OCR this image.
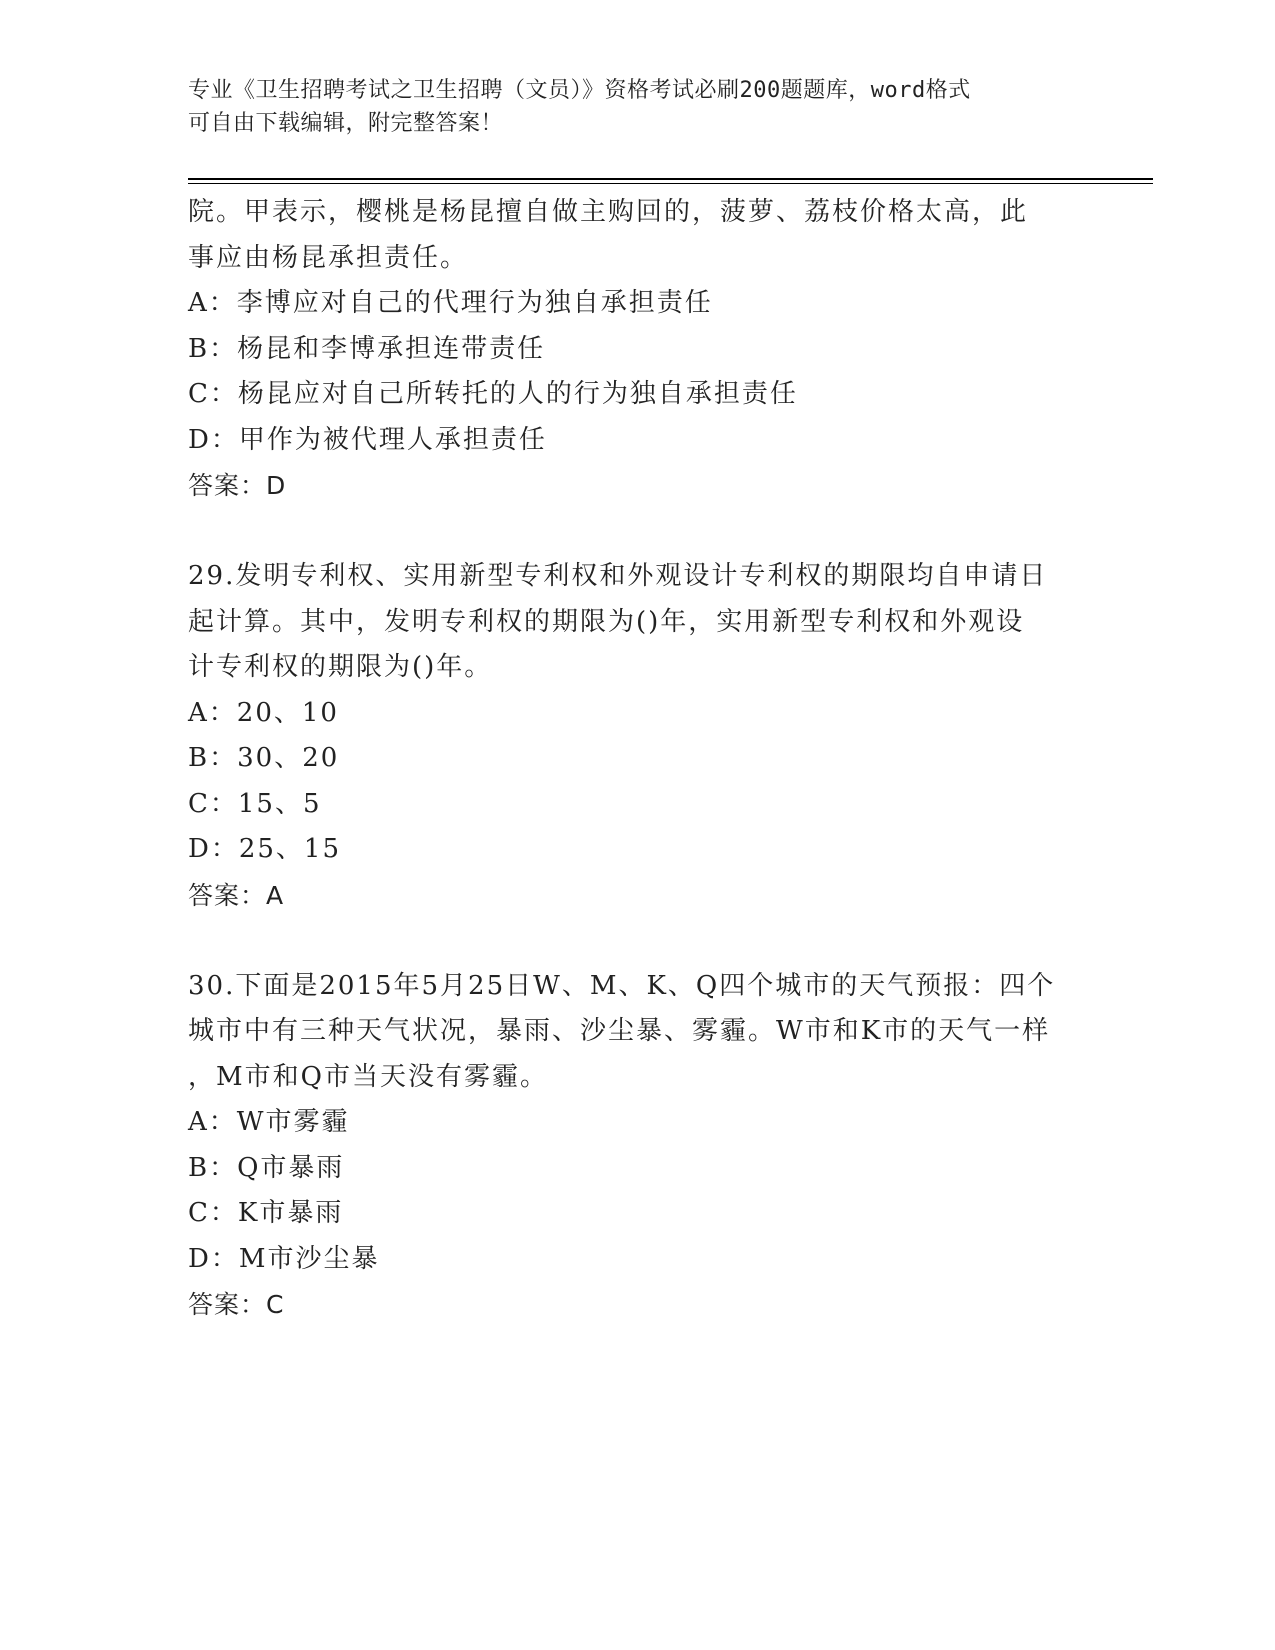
专业《卫生招聘考试之卫生招聘（文员）》资格考试必刷200题题库，word格式
可自由下载编辑，附完整答案！
院。甲表示，樱桃是杨昆擅自做主购回的，菠萝、荔枝价格太高，此
事应由杨昆承担责任。
A：李博应对自己的代理行为独自承担责任
B：杨昆和李博承担连带责任
C：杨昆应对自己所转托的人的行为独自承担责任
D：甲作为被代理人承担责任
答案：D
29.发明专利权、实用新型专利权和外观设计专利权的期限均自申请日
起计算。其中，发明专利权的期限为()年，实用新型专利权和外观设
计专利权的期限为()年。
A：20、10
B：30、20
C：15、5
D：25、15
答案：A
30.下面是2015年5月25日W、M、K、Q四个城市的天气预报：四个
城市中有三种天气状况，暴雨、沙尘暴、雾霾。W市和K市的天气一样
，M市和Q市当天没有雾霾。
A：W市雾霾
B：Q市暴雨
C：K市暴雨
D：M市沙尘暴
答案：C
